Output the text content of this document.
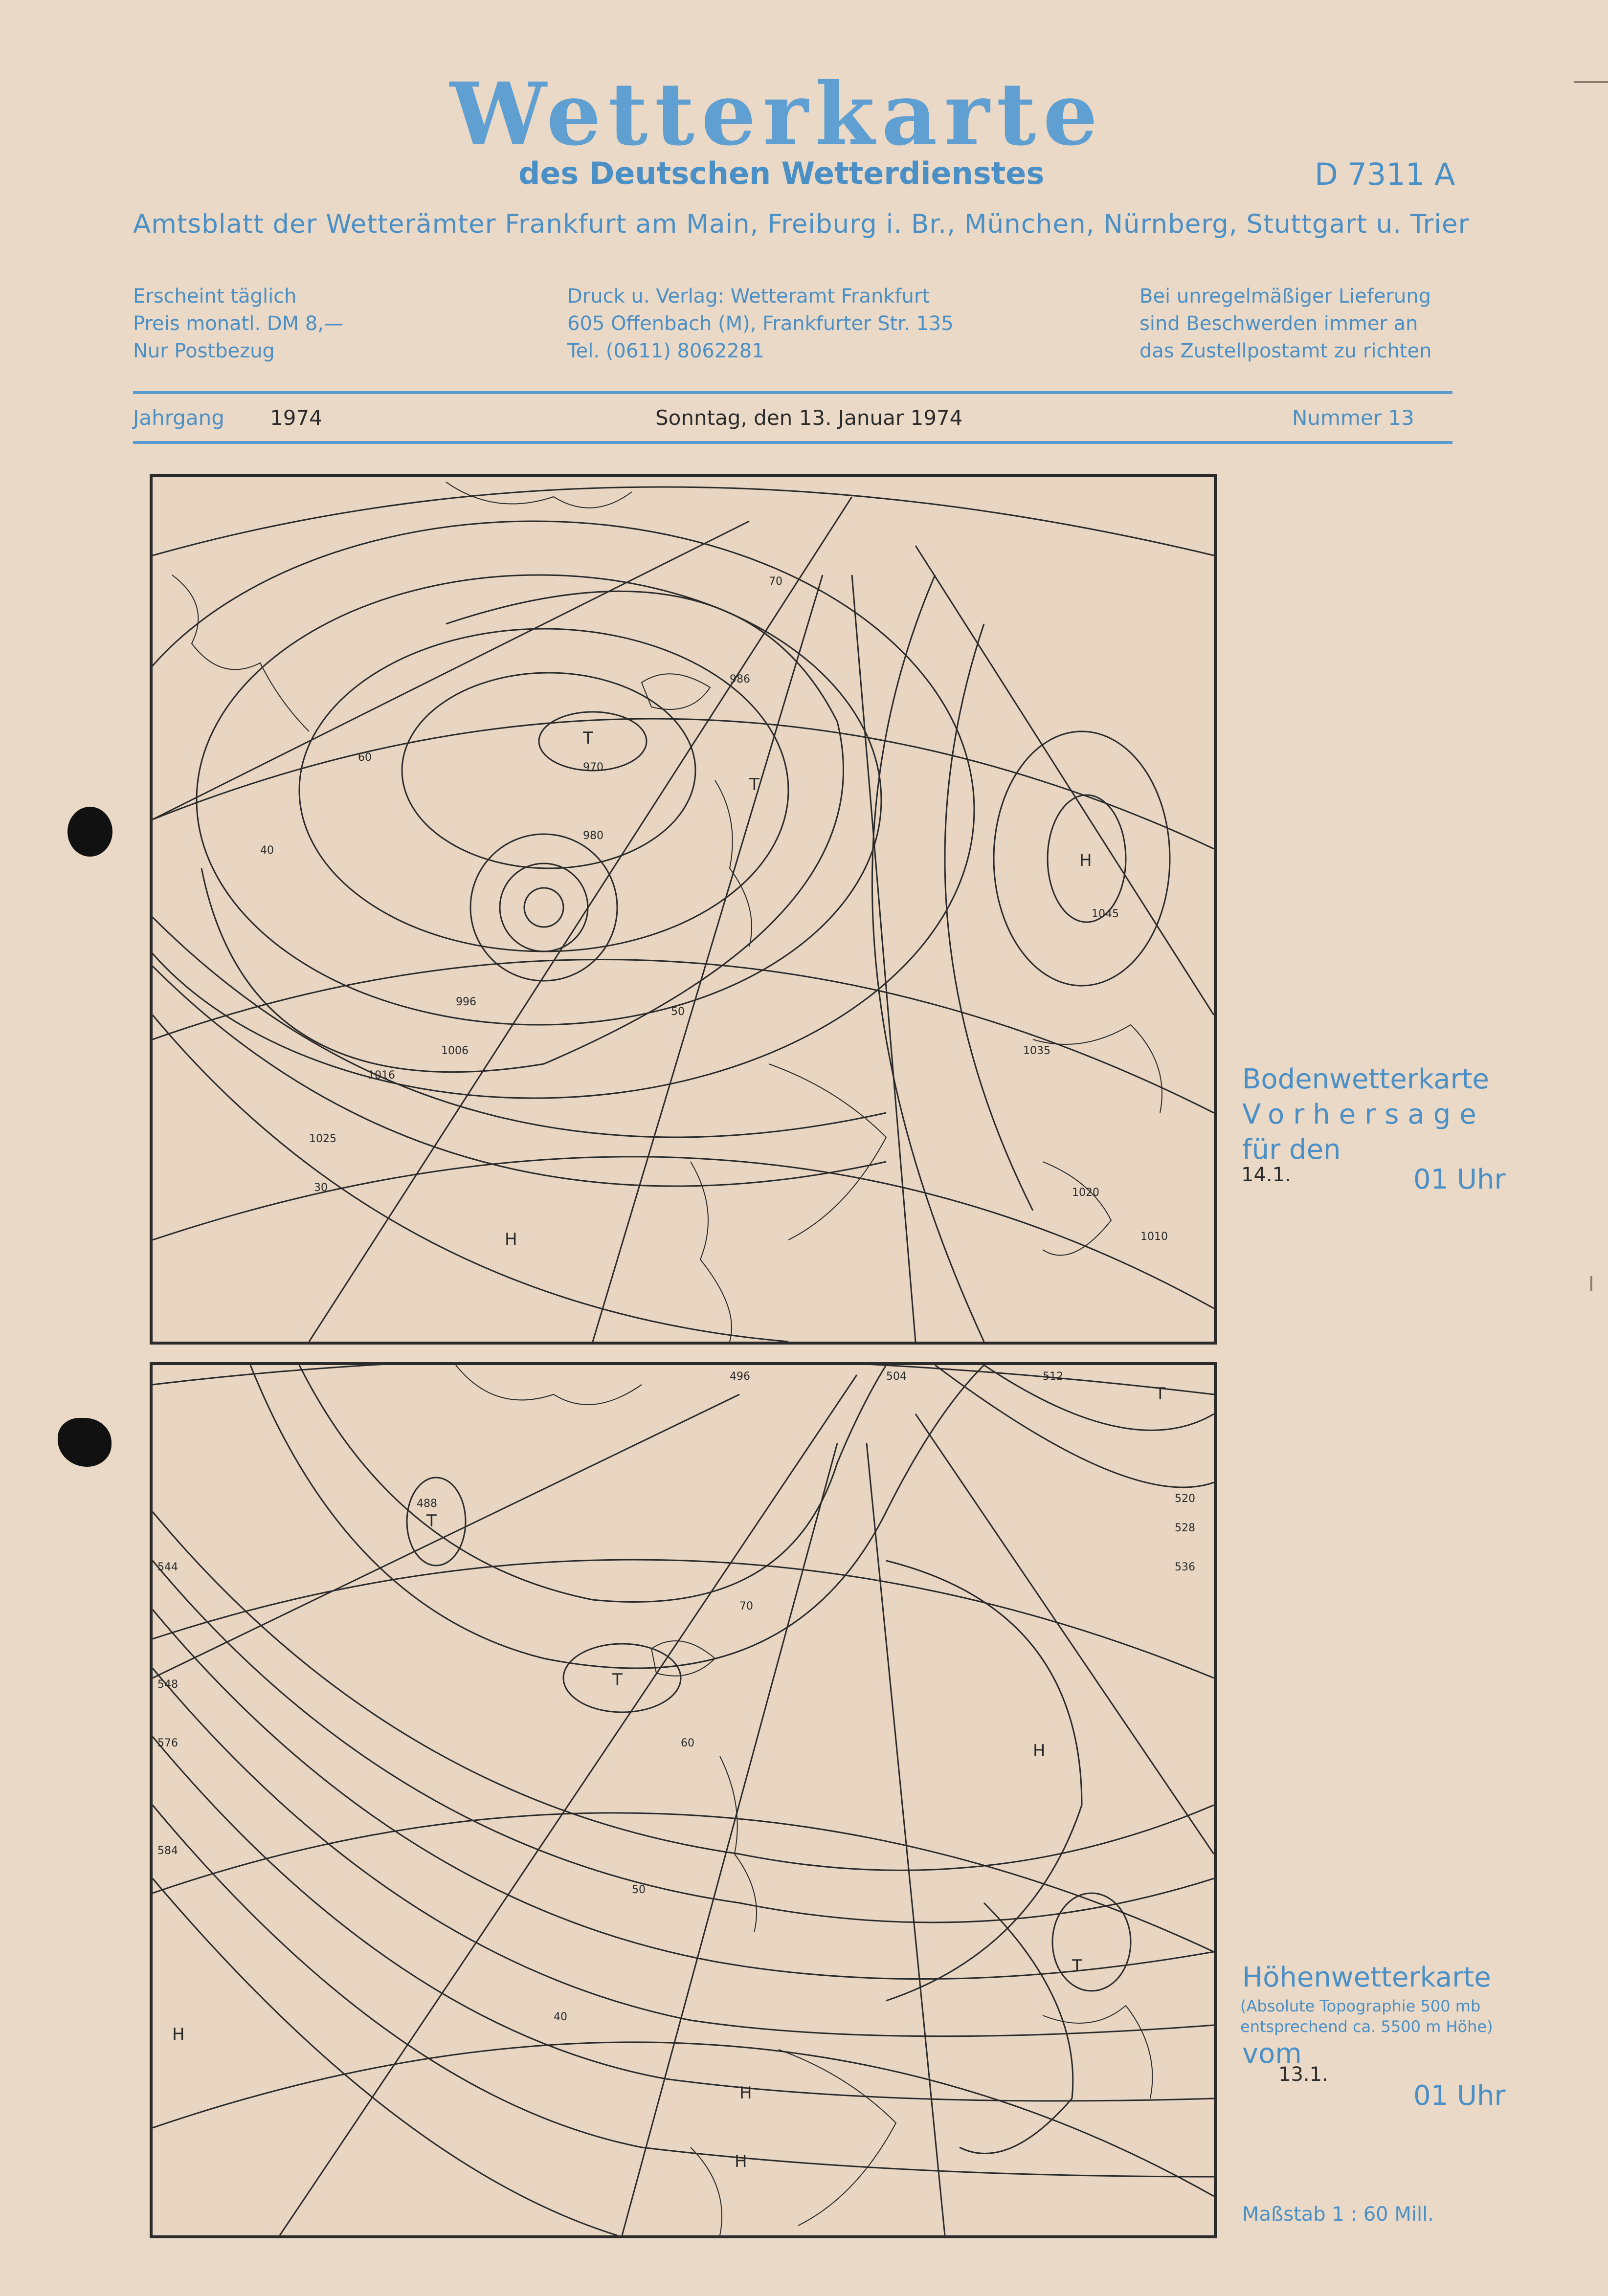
Wetterkarte
des Deutschen Wetterdienstes	D 7311 A
Amtsblatt der Wetterämter Frankfurt am Main, Freiburg i. Br., München, Nürnberg, Stuttgart u. Trier
Erscheint täglich
Preis monatl. DM 8,—
Nur Postbezug
Druck u. Verlag: Wetteramt Frankfurt
605 Offenbach (M), Frankfurter Str. 135
Tel. (0611) 8062281
Bei unregelmäßiger Lieferung
sind Beschwerden immer an
das Zustellpostamt zu richten
Jahrgang 1974	Sonntag, den 13. Januar 1974	Nummer 13
T
T
H
H
970
980
986
996
1006
1016
1025
1035
1045
1010
1020
70
60
50
40
30
Bodenwetterkarte
Vorhersage
für den
14.1.	01 Uhr
T
T
T
T
H
H
H
H
488
496	504	512
520
528
536
544
548
576
584
70
60
50
40
Höhenwetterkarte
(Absolute Topographie 500 mb
entsprechend ca. 5500 m Höhe)
vom
13.1.
01 Uhr
Maßstab 1 : 60 Mill.
